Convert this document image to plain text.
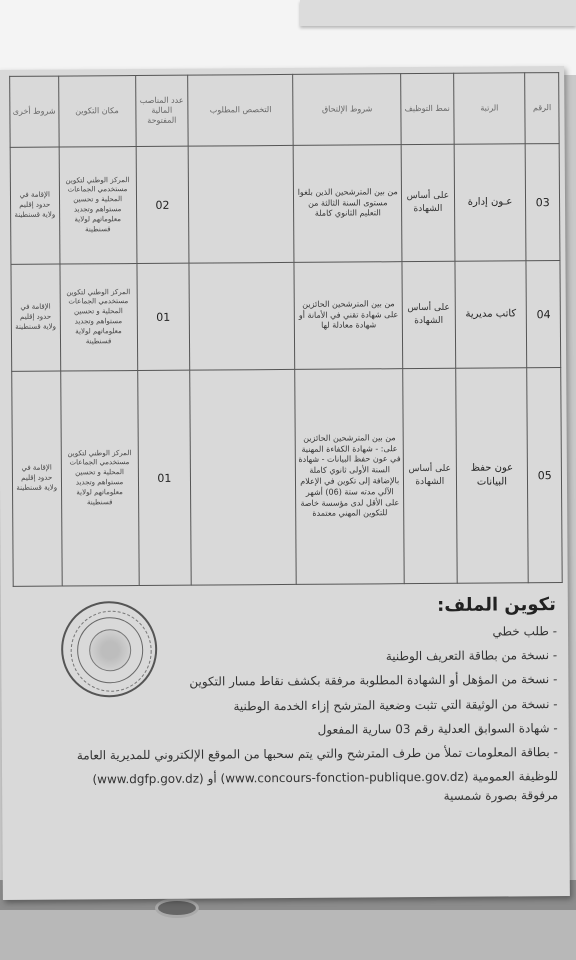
الرقم	الرتبة	نمط التوظيف	شروط الإلتحاق	التخصص المطلوب	عدد المناصب المالية المفتوحة	مكان التكوين	شروط أخرى
03	عـون إدارة	على أساس الشهادة	من بين المترشحين الذين بلغوا مستوى السنة الثالثة من التعليم الثانوي كاملة		02	المركز الوطني لتكوين مستخدمي الجماعات المحلية و تحسين مستواهم وتجديد معلوماتهم لولاية قسنطينة	الإقامة في حدود إقليم ولاية قسنطينة
04	كاتب مديرية	على أساس الشهادة	من بين المترشحين الحائزين على شهادة تقني في الأمانة أو شهادة معادلة لها		01	المركز الوطني لتكوين مستخدمي الجماعات المحلية و تحسين مستواهم وتجديد معلوماتهم لولاية قسنطينة	الإقامة في حدود إقليم ولاية قسنطينة
05	عون حفظ البيانات	على أساس الشهادة	من بين المترشحين الحائزين على: - شهادة الكفاءة المهنية في عون حفظ البيانات - شهادة السنة الأولى ثانوي كاملة بالإضافة إلى تكوين في الإعلام الآلي مدته ستة (06) أشهر على الأقل لدى مؤسسة خاصة للتكوين المهني معتمدة		01	المركز الوطني لتكوين مستخدمي الجماعات المحلية و تحسين مستواهم وتجديد معلوماتهم لولاية قسنطينة	الإقامة في حدود إقليم ولاية قسنطينة
تكوين الملف:
- طلب خطي
- نسخة من بطاقة التعريف الوطنية
- نسخة من المؤهل أو الشهادة المطلوبة مرفقة بكشف نقاط مسار التكوين
- نسخة من الوثيقة التي تثبت وضعية المترشح إزاء الخدمة الوطنية
- شهادة السوابق العدلية رقم 03 سارية المفعول
- بطاقة المعلومات تملأ من طرف المترشح والتي يتم سحبها من الموقع الإلكتروني للمديرية العامة
للوظيفة العمومية (www.concours-fonction-publique.gov.dz) أو (www.dgfp.gov.dz)
مرفوقة بصورة شمسية
